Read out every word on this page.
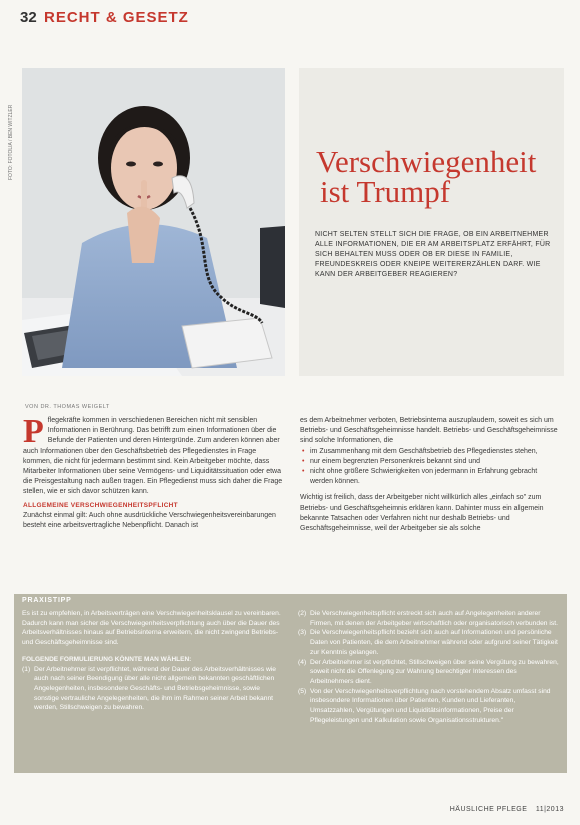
32 RECHT & GESETZ
FOTO: FOTOLIA / BEN WITZLER	Verschwiegenheit
ist Trumpf
NICHT SELTEN STELLT SICH DIE FRAGE, OB EIN ARBEITNEHMER ALLE INFORMATIONEN, DIE ER AM ARBEITSPLATZ ERFÄHRT, FÜR SICH BEHALTEN MUSS ODER OB ER DIESE IN FAMILIE, FREUNDESKREIS ODER KNEIPE WEITERERZÄHLEN DARF. WIE KANN DER ARBEITGEBER REAGIEREN?
VON DR. THOMAS WEIGELT
P flegekräfte kommen in verschiedenen Bereichen nicht mit sensiblen Informationen in Berührung. Das betrifft zum einen Informationen über die Befunde der Patienten und deren Hintergründe. Zum anderen können aber auch Informationen über den Geschäftsbetrieb des Pflegedienstes in Frage kommen, die nicht für jedermann bestimmt sind. Kein Arbeitgeber möchte, dass Mitarbeiter Informationen über seine Vermögens- und Liquiditätssituation oder etwa die Preisgestaltung nach außen tragen. Ein Pflegedienst muss sich daher die Frage stellen, wie er sich davor schützen kann.
ALLGEMEINE VERSCHWIEGENHEITSPFLICHT
Zunächst einmal gilt: Auch ohne ausdrückliche Verschwiegenheitsvereinbarungen besteht eine arbeitsvertragliche Nebenpflicht. Danach ist
es dem Arbeitnehmer verboten, Betriebsinterna auszuplaudern, soweit es sich um Betriebs- und Geschäftsgeheimnisse handelt. Betriebs- und Geschäftsgeheimnisse sind solche Informationen, die
• im Zusammenhang mit dem Geschäftsbetrieb des Pflegedienstes stehen,
• nur einem begrenzten Personenkreis bekannt sind und
• nicht ohne größere Schwierigkeiten von jedermann in Erfahrung gebracht werden können.
Wichtig ist freilich, dass der Arbeitgeber nicht willkürlich alles „einfach so" zum Betriebs- und Geschäftsgeheimnis erklären kann. Dahinter muss ein allgemein bekannte Tatsachen oder Verfahren nicht nur deshalb Betriebs- und Geschäftsgeheimnisse, weil der Arbeitgeber sie als solche
PRAXISTIPP
Es ist zu empfehlen, in Arbeitsverträgen eine Verschwiegenheitsklausel zu vereinbaren. Dadurch kann man sicher die Verschwiegenheitsverpflichtung auch über die Dauer des Arbeitsverhältnisses hinaus auf Betriebsinterna erweitern, die nicht zwingend Betriebs- und Geschäftsgeheimnisse sind.
FOLGENDE FORMULIERUNG KÖNNTE MAN WÄHLEN:
(1) Der Arbeitnehmer ist verpflichtet, während der Dauer des Arbeitsverhältnisses wie auch nach seiner Beendigung über alle nicht allgemein bekannten geschäftlichen Angelegenheiten, insbesondere Geschäfts- und Betriebsgeheimnisse, sowie sonstige vertrauliche Angelegenheiten, die ihm im Rahmen seiner Arbeit bekannt werden, Stillschweigen zu bewahren.
(2) Die Verschwiegenheitspflicht erstreckt sich auch auf Angelegenheiten anderer Firmen, mit denen der Arbeitgeber wirtschaftlich oder organisatorisch verbunden ist.
(3) Die Verschwiegenheitspflicht bezieht sich auch auf Informationen und persönliche Daten von Patienten, die dem Arbeitnehmer während oder aufgrund seiner Tätigkeit zur Kenntnis gelangen.
(4) Der Arbeitnehmer ist verpflichtet, Stillschweigen über seine Vergütung zu bewahren, soweit nicht die Offenlegung zur Wahrung berechtigter Interessen des Arbeitnehmers dient.
(5) Von der Verschwiegenheitsverpflichtung nach vorstehendem Absatz umfasst sind insbesondere Informationen über Patienten, Kunden und Lieferanten, Umsatzzahlen, Vergütungen und Liquiditätsinformationen, Preise der Pflegeleistungen und Kalkulation sowie Organisationsstrukturen."
HÄUSLICHE PFLEGE 11|2013
